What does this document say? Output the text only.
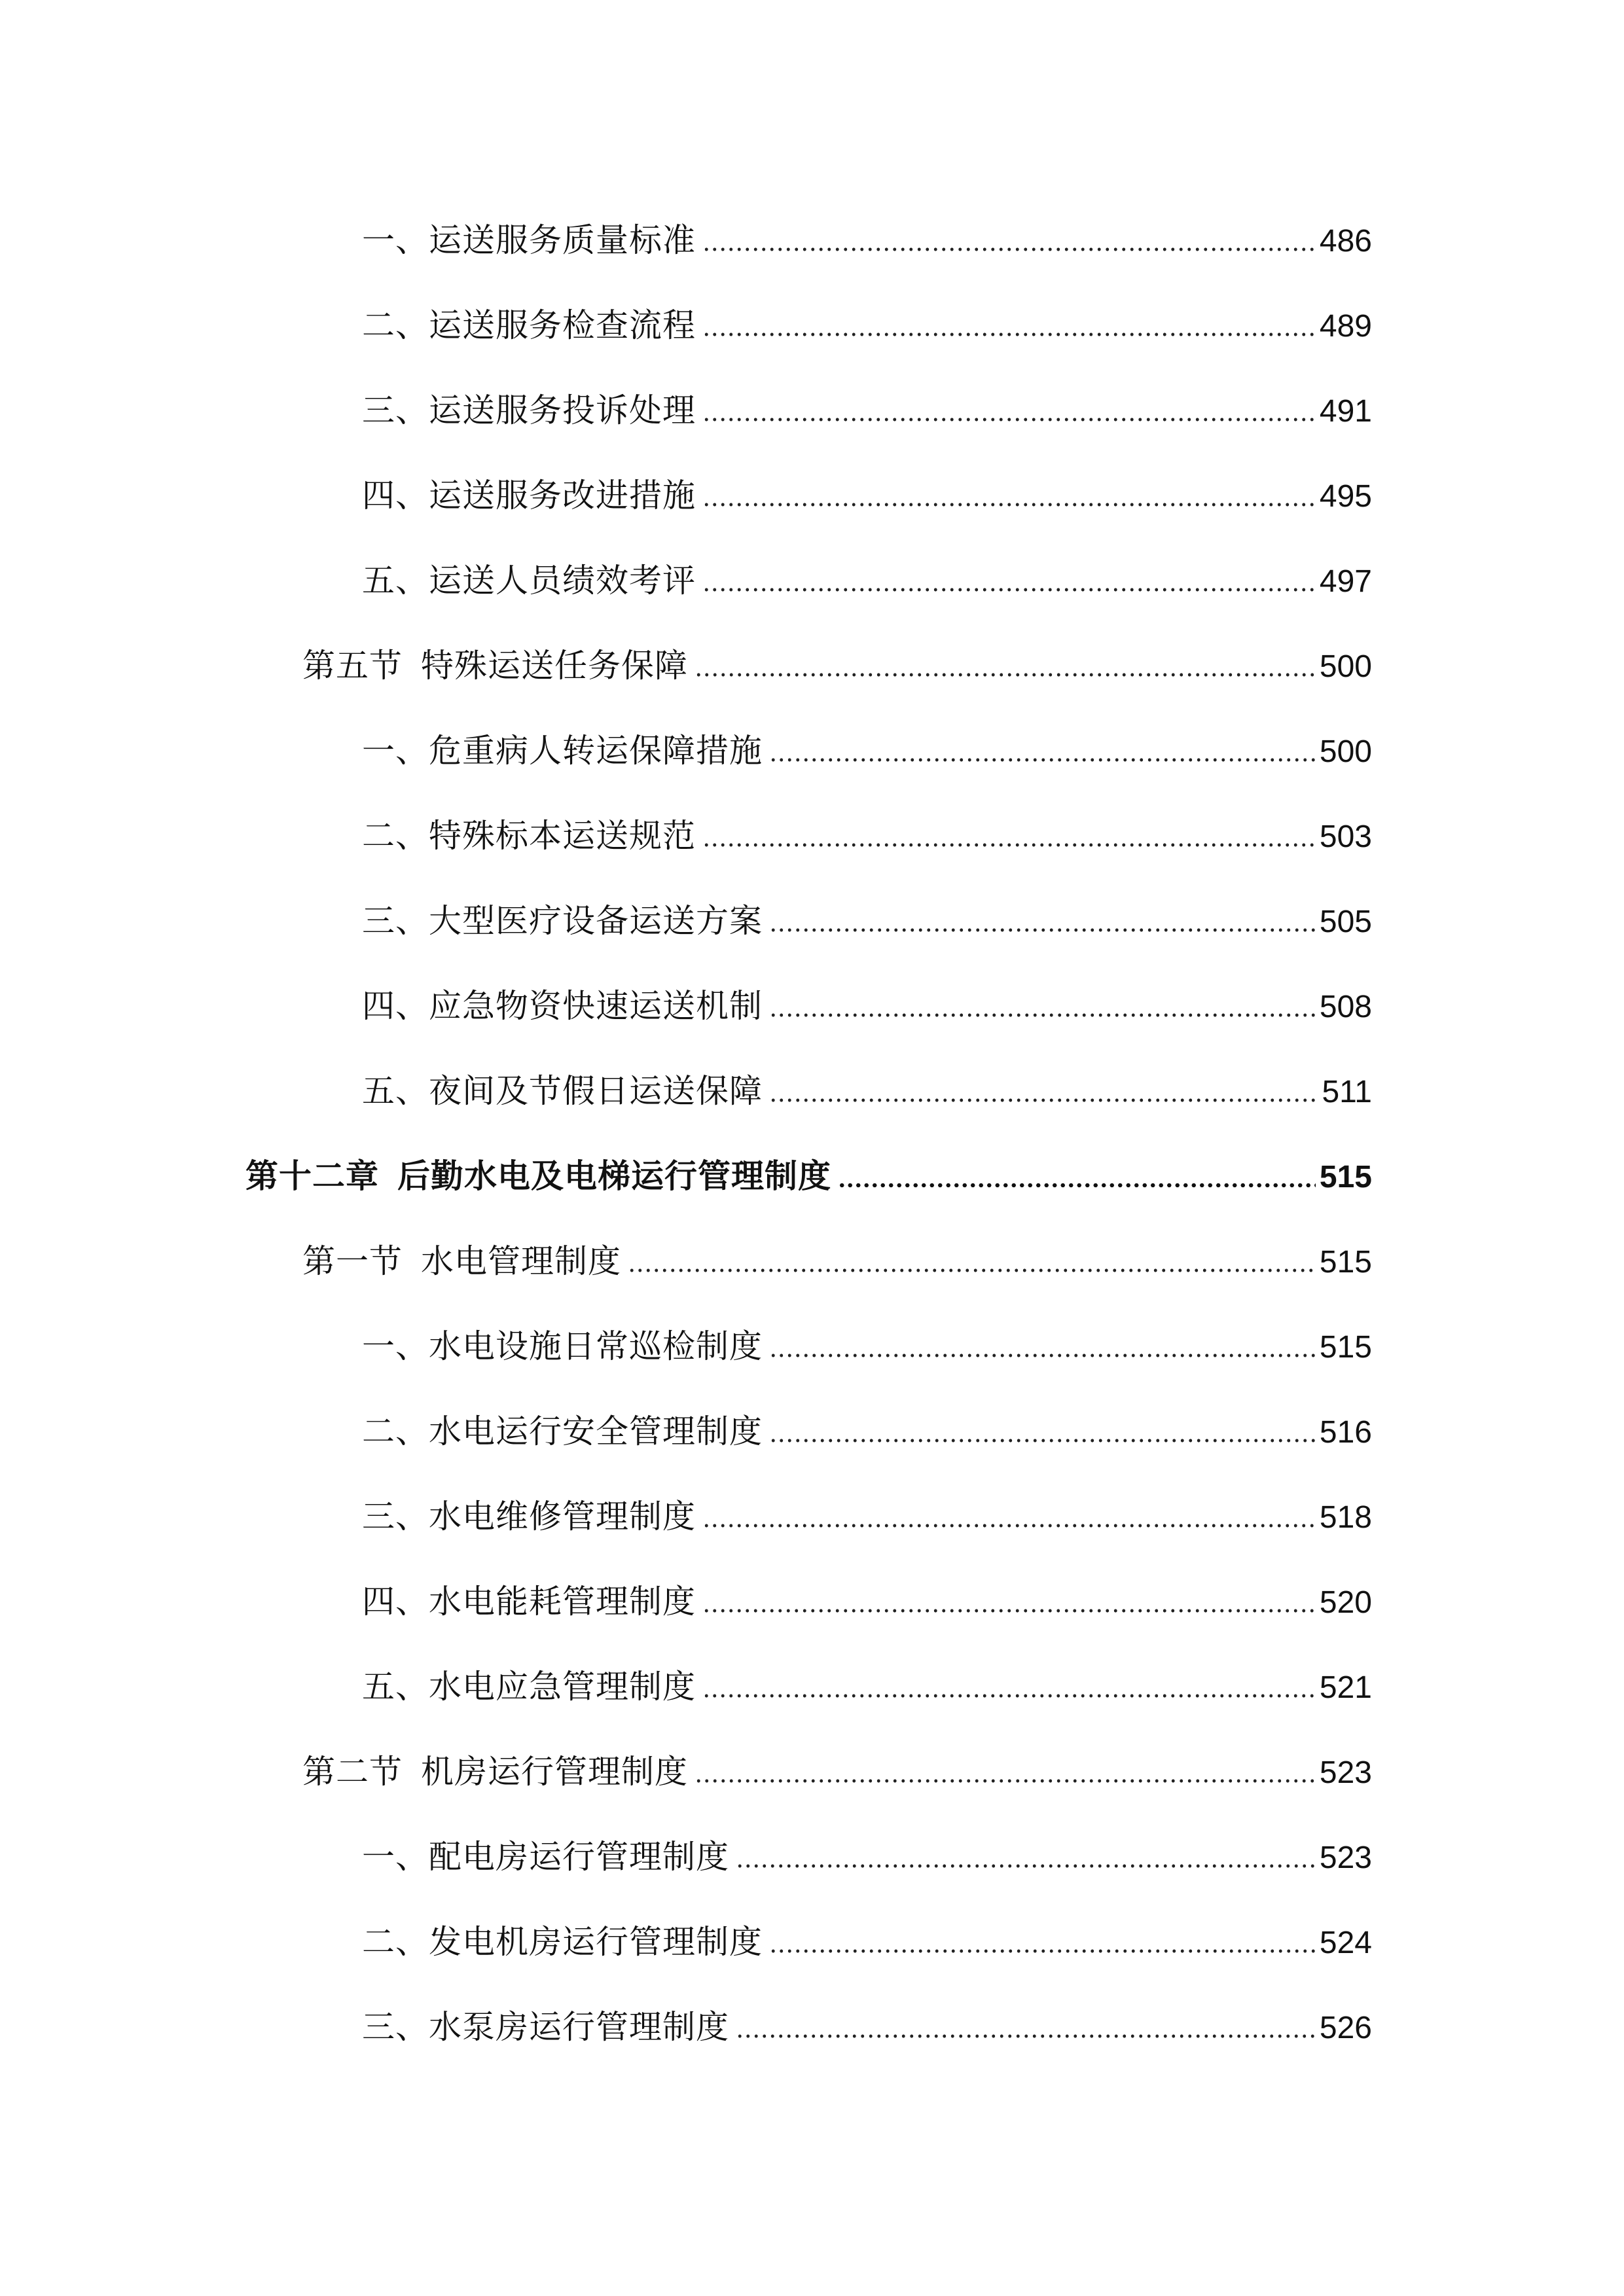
一、运送服务质量标准	486
二、运送服务检查流程	489
三、运送服务投诉处理	491
四、运送服务改进措施	495
五、运送人员绩效考评	497
第五节 特殊运送任务保障	500
一、危重病人转运保障措施	500
二、特殊标本运送规范	503
三、大型医疗设备运送方案	505
四、应急物资快速运送机制	508
五、夜间及节假日运送保障	511
第十二章 后勤水电及电梯运行管理制度	515
第一节 水电管理制度	515
一、水电设施日常巡检制度	515
二、水电运行安全管理制度	516
三、水电维修管理制度	518
四、水电能耗管理制度	520
五、水电应急管理制度	521
第二节 机房运行管理制度	523
一、配电房运行管理制度	523
二、发电机房运行管理制度	524
三、水泵房运行管理制度	526
